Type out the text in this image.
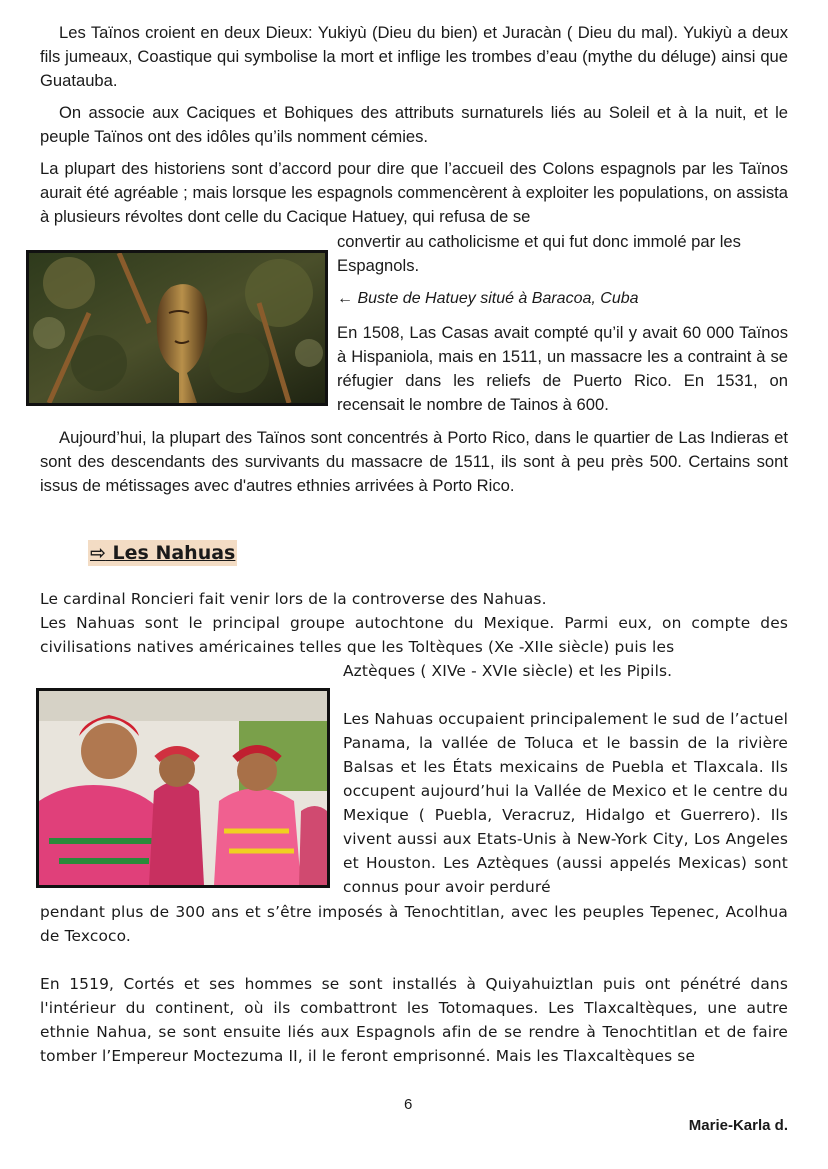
Les Taïnos croient en deux Dieux: Yukiyù (Dieu du bien) et Juracàn ( Dieu du mal). Yukiyù a deux fils jumeaux, Coastique qui symbolise la mort et inflige les trombes d’eau (mythe du déluge) ainsi que Guatauba.

On associe aux Caciques et Bohiques des attributs surnaturels liés au Soleil et à la nuit, et le peuple Taïnos ont des idôles qu’ils nomment cémies.

La plupart des historiens sont d’accord pour dire que l’accueil des Colons espagnols par les Taïnos aurait été agréable ; mais lorsque les espagnols commencèrent à exploiter les populations, on assista à plusieurs révoltes dont celle du Cacique Hatuey, qui refusa de se

convertir au catholicisme et qui fut donc immolé par les Espagnols.

← Buste de Hatuey situé à Baracoa, Cuba

En 1508, Las Casas avait compté qu’il y avait 60 000 Taïnos à Hispaniola, mais en 1511, un massacre les a contraint à se réfugier dans les reliefs de Puerto Rico. En 1531, on recensait le nombre de Tainos à 600.

Aujourd’hui, la plupart des Taïnos sont concentrés à Porto Rico, dans le quartier de Las Indieras et sont des descendants des survivants du massacre de 1511, ils sont à peu près 500. Certains sont issus de métissages avec d'autres ethnies arrivées à Porto Rico.

⇨ Les Nahuas

Le cardinal Roncieri fait venir lors de la controverse des Nahuas.

Les Nahuas sont le principal groupe autochtone du Mexique. Parmi eux, on compte des civilisations natives américaines telles que les Toltèques (Xe -XIIe siècle) puis les

Aztèques ( XIVe - XVIe siècle) et les Pipils.

Les Nahuas occupaient principalement le sud de l’actuel Panama, la vallée de Toluca et le bassin de la rivière Balsas et les États mexicains de Puebla et Tlaxcala. Ils occupent aujourd’hui la Vallée de Mexico et le centre du Mexique ( Puebla, Veracruz, Hidalgo et Guerrero). Ils vivent aussi aux Etats-Unis à New-York City, Los Angeles et Houston. Les Aztèques (aussi appelés Mexicas) sont connus pour avoir perduré

pendant plus de 300 ans et s’être imposés à Tenochtitlan, avec les peuples Tepenec, Acolhua de Texcoco.

En 1519, Cortés et ses hommes se sont installés à Quiyahuiztlan puis ont pénétré dans l'intérieur du continent, où ils combattront les Totomaques. Les Tlaxcaltèques, une autre ethnie Nahua, se sont ensuite liés aux Espagnols afin de se rendre à Tenochtitlan et de faire tomber l’Empereur Moctezuma II, il le feront emprisonné. Mais les Tlaxcaltèques se

6
Marie-Karla d.
